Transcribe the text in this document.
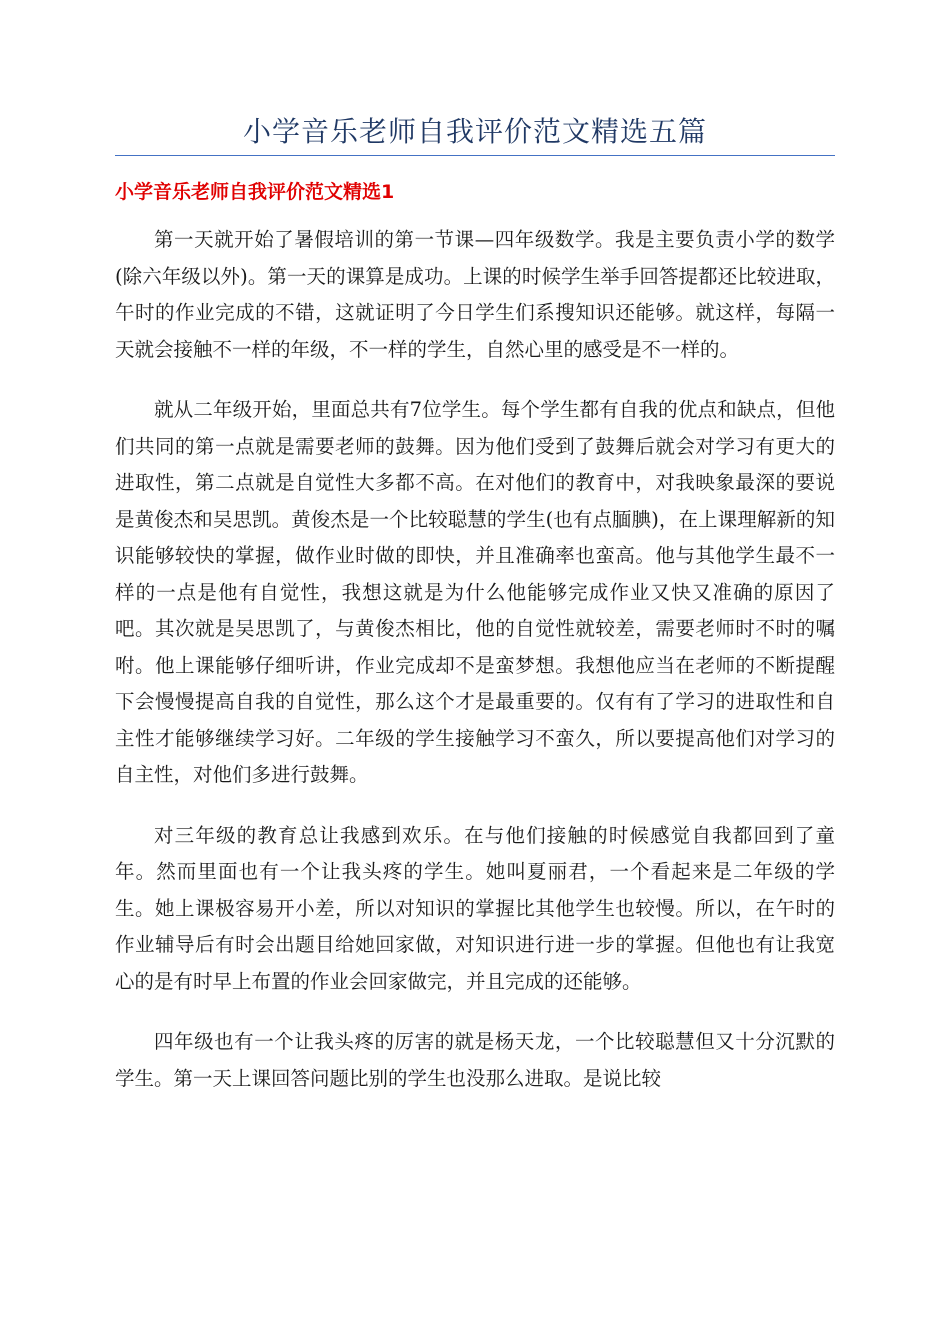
小学音乐老师自我评价范文精选五篇
小学音乐老师自我评价范文精选1

第一天就开始了暑假培训的第一节课—四年级数学。我是主要负责小学的数学(除六年级以外)。第一天的课算是成功。上课的时候学生举手回答提都还比较进取，午时的作业完成的不错，这就证明了今日学生们系搜知识还能够。就这样，每隔一天就会接触不一样的年级，不一样的学生，自然心里的感受是不一样的。

就从二年级开始，里面总共有7位学生。每个学生都有自我的优点和缺点，但他们共同的第一点就是需要老师的鼓舞。因为他们受到了鼓舞后就会对学习有更大的进取性，第二点就是自觉性大多都不高。在对他们的教育中，对我映象最深的要说是黄俊杰和吴思凯。黄俊杰是一个比较聪慧的学生(也有点腼腆)，在上课理解新的知识能够较快的掌握，做作业时做的即快，并且准确率也蛮高。他与其他学生最不一样的一点是他有自觉性，我想这就是为什么他能够完成作业又快又准确的原因了吧。其次就是吴思凯了，与黄俊杰相比，他的自觉性就较差，需要老师时不时的嘱咐。他上课能够仔细听讲，作业完成却不是蛮梦想。我想他应当在老师的不断提醒下会慢慢提高自我的自觉性，那么这个才是最重要的。仅有有了学习的进取性和自主性才能够继续学习好。二年级的学生接触学习不蛮久，所以要提高他们对学习的自主性，对他们多进行鼓舞。

对三年级的教育总让我感到欢乐。在与他们接触的时候感觉自我都回到了童年。然而里面也有一个让我头疼的学生。她叫夏丽君，一个看起来是二年级的学生。她上课极容易开小差，所以对知识的掌握比其他学生也较慢。所以，在午时的作业辅导后有时会出题目给她回家做，对知识进行进一步的掌握。但他也有让我宽心的是有时早上布置的作业会回家做完，并且完成的还能够。

四年级也有一个让我头疼的厉害的就是杨天龙，一个比较聪慧但又十分沉默的学生。第一天上课回答问题比别的学生也没那么进取。是说比较
